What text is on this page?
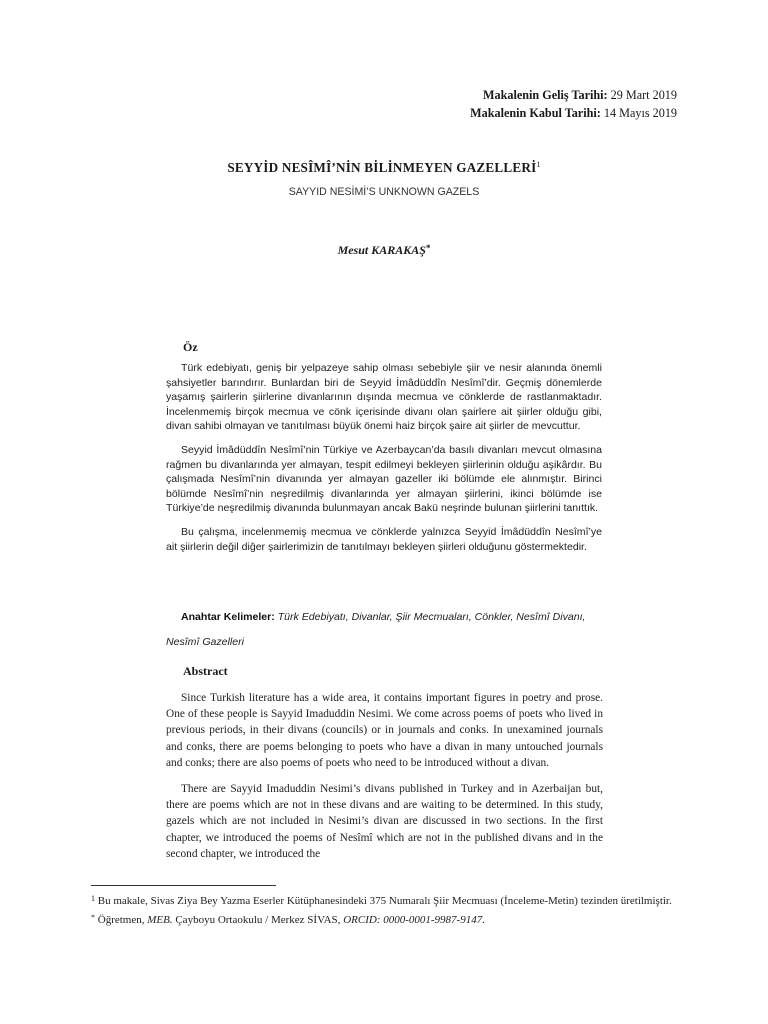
Makalenin Geliş Tarihi: 29 Mart 2019
Makalenin Kabul Tarihi: 14 Mayıs 2019
SEYYİD NESÎMÎ’NİN BİLİNMEYEN GAZELLERİ$^1$
SAYYID NESİMİ’S UNKNOWN GAZELS
Mesut KARAKAŞ*
Öz

Türk edebiyatı, geniş bir yelpazeye sahip olması sebebiyle şiir ve nesir alanında önemli şahsiyetler barındırır. Bunlardan biri de Seyyid İmâdüddîn Nesîmî’dir. Geçmiş dönemlerde yaşamış şairlerin şiirlerine divanlarının dışında mecmua ve cönklerde de rastlanmaktadır. İncelenmemiş birçok mecmua ve cönk içerisinde divanı olan şairlere ait şiirler olduğu gibi, divan sahibi olmayan ve tanıtılması büyük önemi haiz birçok şaire ait şiirler de mevcuttur.

Seyyid İmâdüddîn Nesîmî’nin Türkiye ve Azerbaycan’da basılı divanları mevcut olmasına rağmen bu divanlarında yer almayan, tespit edilmeyi bekleyen şiirlerinin olduğu aşikârdır. Bu çalışmada Nesîmî’nin divanında yer almayan gazeller iki bölümde ele alınmıştır. Birinci bölümde Nesîmî’nin neşredilmiş divanlarında yer almayan şiirlerini, ikinci bölümde ise Türkiye’de neşredilmiş divanında bulunmayan ancak Bakü neşrinde bulunan şiirlerini tanıttık.

Bu çalışma, incelenmemiş mecmua ve cönklerde yalnızca Seyyid İmâdüddîn Nesîmî’ye ait şiirlerin değil diğer şairlerimizin de tanıtılmayı bekleyen şiirleri olduğunu göstermektedir.

Anahtar Kelimeler: Türk Edebiyatı, Divanlar, Şiir Mecmuaları, Cönkler, Nesîmî Divanı, Nesîmî Gazelleri
Abstract

Since Turkish literature has a wide area, it contains important figures in poetry and prose. One of these people is Sayyid Imaduddin Nesimi. We come across poems of poets who lived in previous periods, in their divans (councils) or in journals and conks. In unexamined journals and conks, there are poems belonging to poets who have a divan in many untouched journals and conks; there are also poems of poets who need to be introduced without a divan.

There are Sayyid Imaduddin Nesimi’s divans published in Turkey and in Azerbaijan but, there are poems which are not in these divans and are waiting to be determined. In this study, gazels which are not included in Nesimi’s divan are discussed in two sections. In the first chapter, we introduced the poems of Nesîmî which are not in the published divans and in the second chapter, we introduced the

$^1$ Bu makale, Sivas Ziya Bey Yazma Eserler Kütüphanesindeki 375 Numaralı Şiir Mecmuası (İnceleme-Metin) tezinden üretilmiştir.

* Öğretmen, MEB. Çayboyu Ortaokulu / Merkez SİVAS, ORCID: 0000-0001-9987-9147.
